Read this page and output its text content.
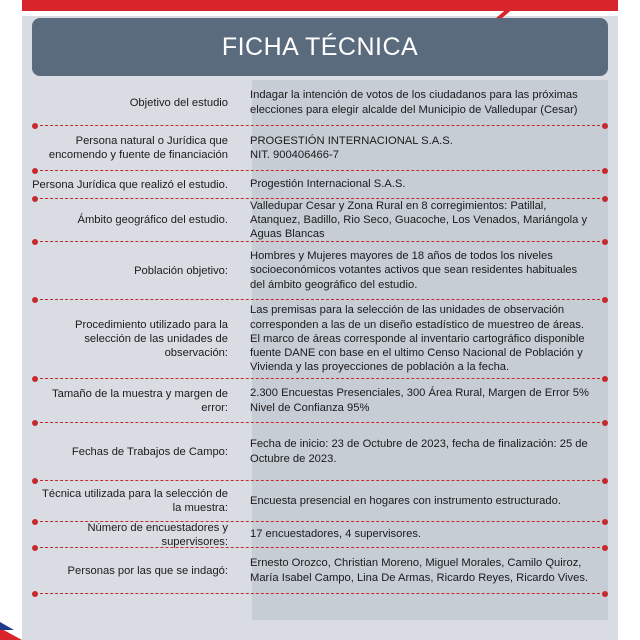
FICHA TÉCNICA
Objetivo del estudio
Indagar la intención de votos de los ciudadanos para las próximas elecciones para elegir alcalde del Municipio de Valledupar (Cesar)
Persona natural o Jurídica que encomendo y fuente de financiación
PROGESTIÓN INTERNACIONAL S.A.S.
NIT. 900406466-7
Persona Jurídica que realizó el estudio.	Progestión Internacional S.A.S.
Ámbito geográfico del estudio.
Valledupar Cesar y Zona Rural en 8 corregimientos: Patillal, Atanquez, Badillo, Rio Seco, Guacoche, Los Venados, Mariángola y Aguas Blancas
Población objetivo:
Hombres y Mujeres mayores de 18 años de todos los niveles socioeconómicos votantes activos que sean residentes habituales del ámbito geográfico del estudio.
Procedimiento utilizado para la selección de las unidades de observación:
Las premisas para la selección de las unidades de observación corresponden a las de un diseño estadístico de muestreo de áreas. El marco de áreas corresponde al inventario cartográfico disponible fuente DANE con base en el ultimo Censo Nacional de Población y Vivienda y las proyecciones de población a la fecha.
Tamaño de la muestra y margen de error:
2.300 Encuestas Presenciales, 300 Área Rural, Margen de Error 5% Nivel de Confianza 95%
Fechas de Trabajos de Campo:
Fecha de inicio: 23 de Octubre de 2023, fecha de finalización: 25 de Octubre de 2023.
Técnica utilizada para la selección de la muestra:
Encuesta presencial en hogares con instrumento estructurado.
Número de encuestadores y supervisores:
17 encuestadores, 4 supervisores.
Personas por las que se indagó:
Ernesto Orozco, Christian Moreno, Miguel Morales, Camilo Quiroz, María Isabel Campo, Lina De Armas, Ricardo Reyes, Ricardo Vives.
